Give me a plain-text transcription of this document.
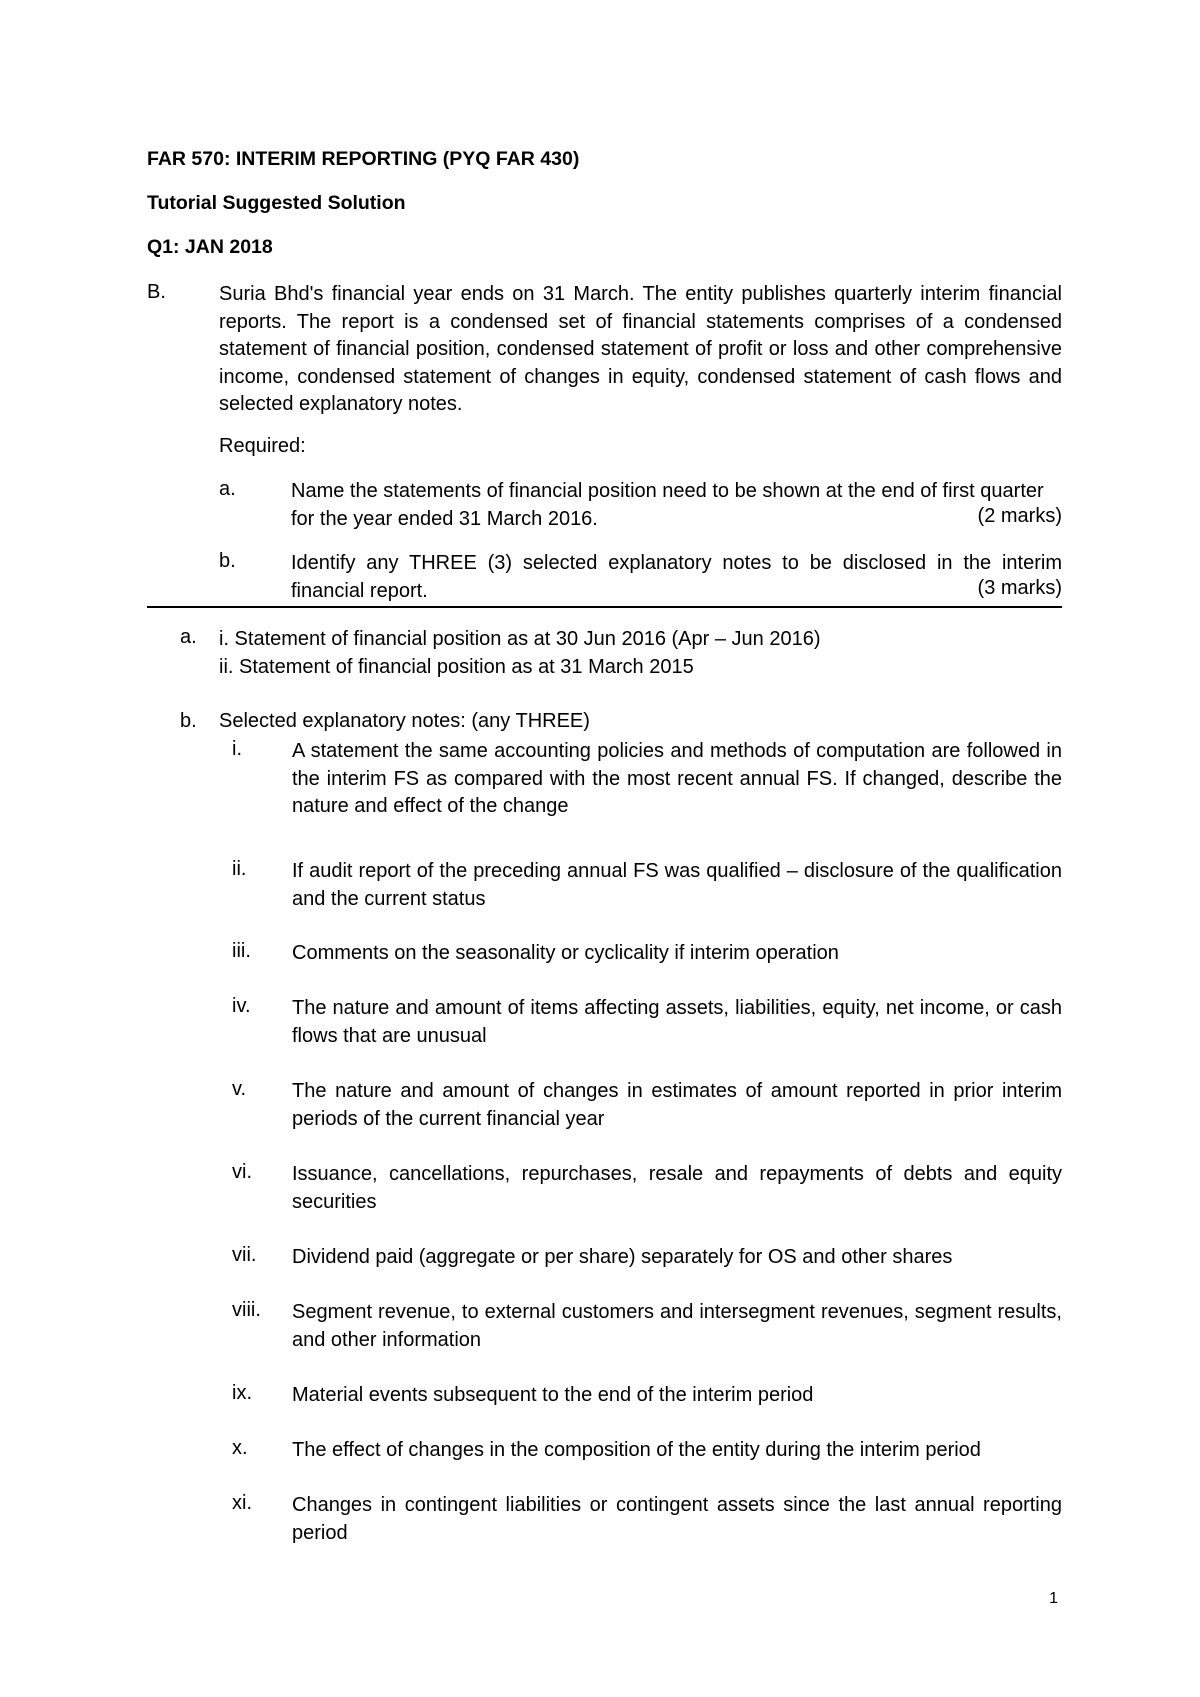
FAR 570: INTERIM REPORTING (PYQ FAR 430)
Tutorial Suggested Solution
Q1: JAN 2018
B.	Suria Bhd's financial year ends on 31 March. The entity publishes quarterly interim financial reports. The report is a condensed set of financial statements comprises of a condensed statement of financial position, condensed statement of profit or loss and other comprehensive income, condensed statement of changes in equity, condensed statement of cash flows and selected explanatory notes.
Required:
a.	Name the statements of financial position need to be shown at the end of first quarter for the year ended 31 March 2016.	(2 marks)
b.	Identify any THREE (3) selected explanatory notes to be disclosed in the interim financial report.	(3 marks)
a. i. Statement of financial position as at 30 Jun 2016 (Apr – Jun 2016)
ii. Statement of financial position as at 31 March 2015
b. Selected explanatory notes: (any THREE)
i.	A statement the same accounting policies and methods of computation are followed in the interim FS as compared with the most recent annual FS. If changed, describe the nature and effect of the change
ii.	If audit report of the preceding annual FS was qualified – disclosure of the qualification and the current status
iii.	Comments on the seasonality or cyclicality if interim operation
iv.	The nature and amount of items affecting assets, liabilities, equity, net income, or cash flows that are unusual
v.	The nature and amount of changes in estimates of amount reported in prior interim periods of the current financial year
vi.	Issuance, cancellations, repurchases, resale and repayments of debts and equity securities
vii.	Dividend paid (aggregate or per share) separately for OS and other shares
viii.	Segment revenue, to external customers and intersegment revenues, segment results, and other information
ix.	Material events subsequent to the end of the interim period
x.	The effect of changes in the composition of the entity during the interim period
xi.	Changes in contingent liabilities or contingent assets since the last annual reporting period
1
